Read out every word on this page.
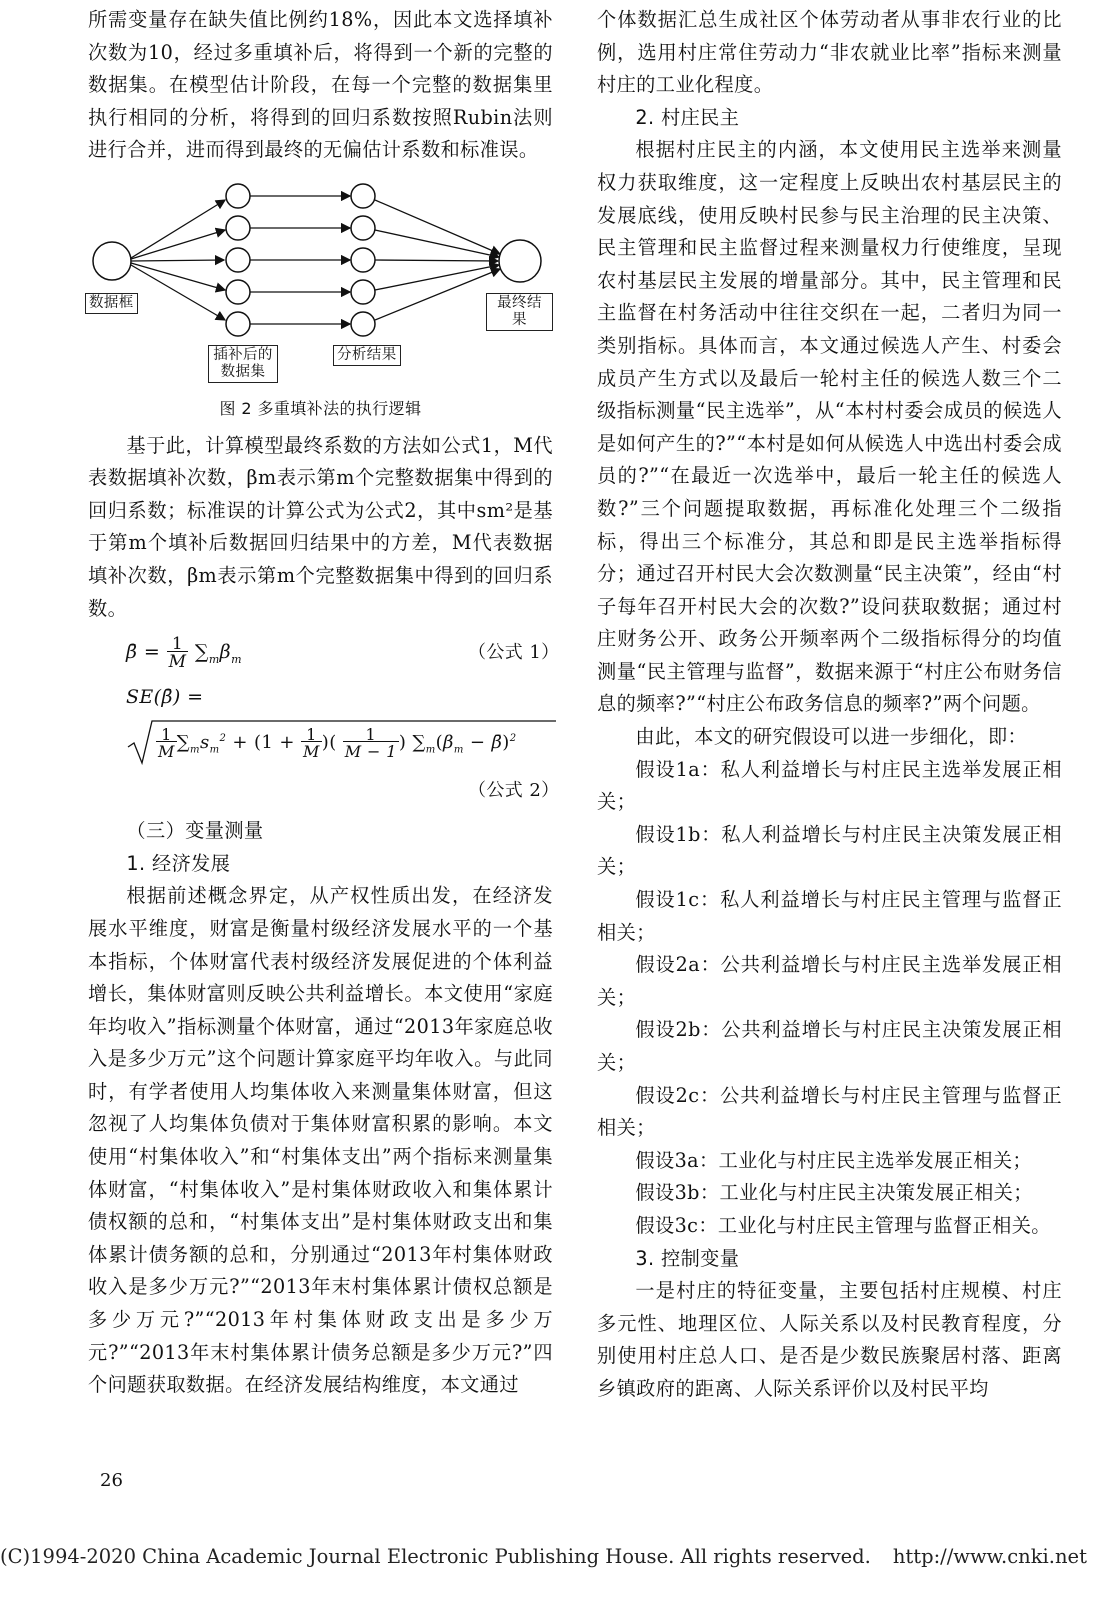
所需变量存在缺失值比例约18%，因此本文选择填补次数为10，经过多重填补后，将得到一个新的完整的数据集。在模型估计阶段，在每一个完整的数据集里执行相同的分析，将得到的回归系数按照Rubin法则进行合并，进而得到最终的无偏估计系数和标准误。

数据框
插补后的
数据集
分析结果
最终结果
图 2 多重填补法的执行逻辑

基于此，计算模型最终系数的方法如公式1，M代表数据填补次数，βm表示第m个完整数据集中得到的回归系数；标准误的计算公式为公式2，其中sm²是基于第m个填补后数据回归结果中的方差，M代表数据填补次数，βm表示第m个完整数据集中得到的回归系数。

β̄ = 1
M $\sum_m\beta_m$	（公式 1）
SE(β̄) =
1
M $\sum_ms_m^2 + (1 + 1$
M )( 1
M − 1 ) $\sum_m(\beta_m$ − β̄)$^2$
（公式 2）

（三）变量测量

1. 经济发展

根据前述概念界定，从产权性质出发，在经济发展水平维度，财富是衡量村级经济发展水平的一个基本指标，个体财富代表村级经济发展促进的个体利益增长，集体财富则反映公共利益增长。本文使用“家庭年均收入”指标测量个体财富，通过“2013年家庭总收入是多少万元”这个问题计算家庭平均年收入。与此同时，有学者使用人均集体收入来测量集体财富，但这忽视了人均集体负债对于集体财富积累的影响。本文使用“村集体收入”和“村集体支出”两个指标来测量集体财富，“村集体收入”是村集体财政收入和集体累计债权额的总和，“村集体支出”是村集体财政支出和集体累计债务额的总和，分别通过“2013年村集体财政收入是多少万元?”“2013年末村集体累计债权总额是多少万元?”“2013年村集体财政支出是多少万元?”“2013年末村集体累计债务总额是多少万元?”四个问题获取数据。在经济发展结构维度，本文通过

个体数据汇总生成社区个体劳动者从事非农行业的比例，选用村庄常住劳动力“非农就业比率”指标来测量村庄的工业化程度。

2. 村庄民主

根据村庄民主的内涵，本文使用民主选举来测量权力获取维度，这一定程度上反映出农村基层民主的发展底线，使用反映村民参与民主治理的民主决策、民主管理和民主监督过程来测量权力行使维度，呈现农村基层民主发展的增量部分。其中，民主管理和民主监督在村务活动中往往交织在一起，二者归为同一类别指标。具体而言，本文通过候选人产生、村委会成员产生方式以及最后一轮村主任的候选人数三个二级指标测量“民主选举”，从“本村村委会成员的候选人是如何产生的?”“本村是如何从候选人中选出村委会成员的?”“在最近一次选举中，最后一轮主任的候选人数?”三个问题提取数据，再标准化处理三个二级指标，得出三个标准分，其总和即是民主选举指标得分；通过召开村民大会次数测量“民主决策”，经由“村子每年召开村民大会的次数?”设问获取数据；通过村庄财务公开、政务公开频率两个二级指标得分的均值测量“民主管理与监督”，数据来源于“村庄公布财务信息的频率?”“村庄公布政务信息的频率?”两个问题。

由此，本文的研究假设可以进一步细化，即：

假设1a：私人利益增长与村庄民主选举发展正相关；

假设1b：私人利益增长与村庄民主决策发展正相关；

假设1c：私人利益增长与村庄民主管理与监督正相关；

假设2a：公共利益增长与村庄民主选举发展正相关；

假设2b：公共利益增长与村庄民主决策发展正相关；

假设2c：公共利益增长与村庄民主管理与监督正相关；

假设3a：工业化与村庄民主选举发展正相关；

假设3b：工业化与村庄民主决策发展正相关；

假设3c：工业化与村庄民主管理与监督正相关。

3. 控制变量

一是村庄的特征变量，主要包括村庄规模、村庄多元性、地理区位、人际关系以及村民教育程度，分别使用村庄总人口、是否是少数民族聚居村落、距离乡镇政府的距离、人际关系评价以及村民平均

26
(C)1994-2020 China Academic Journal Electronic Publishing House. All rights reserved. http://www.cnki.net
